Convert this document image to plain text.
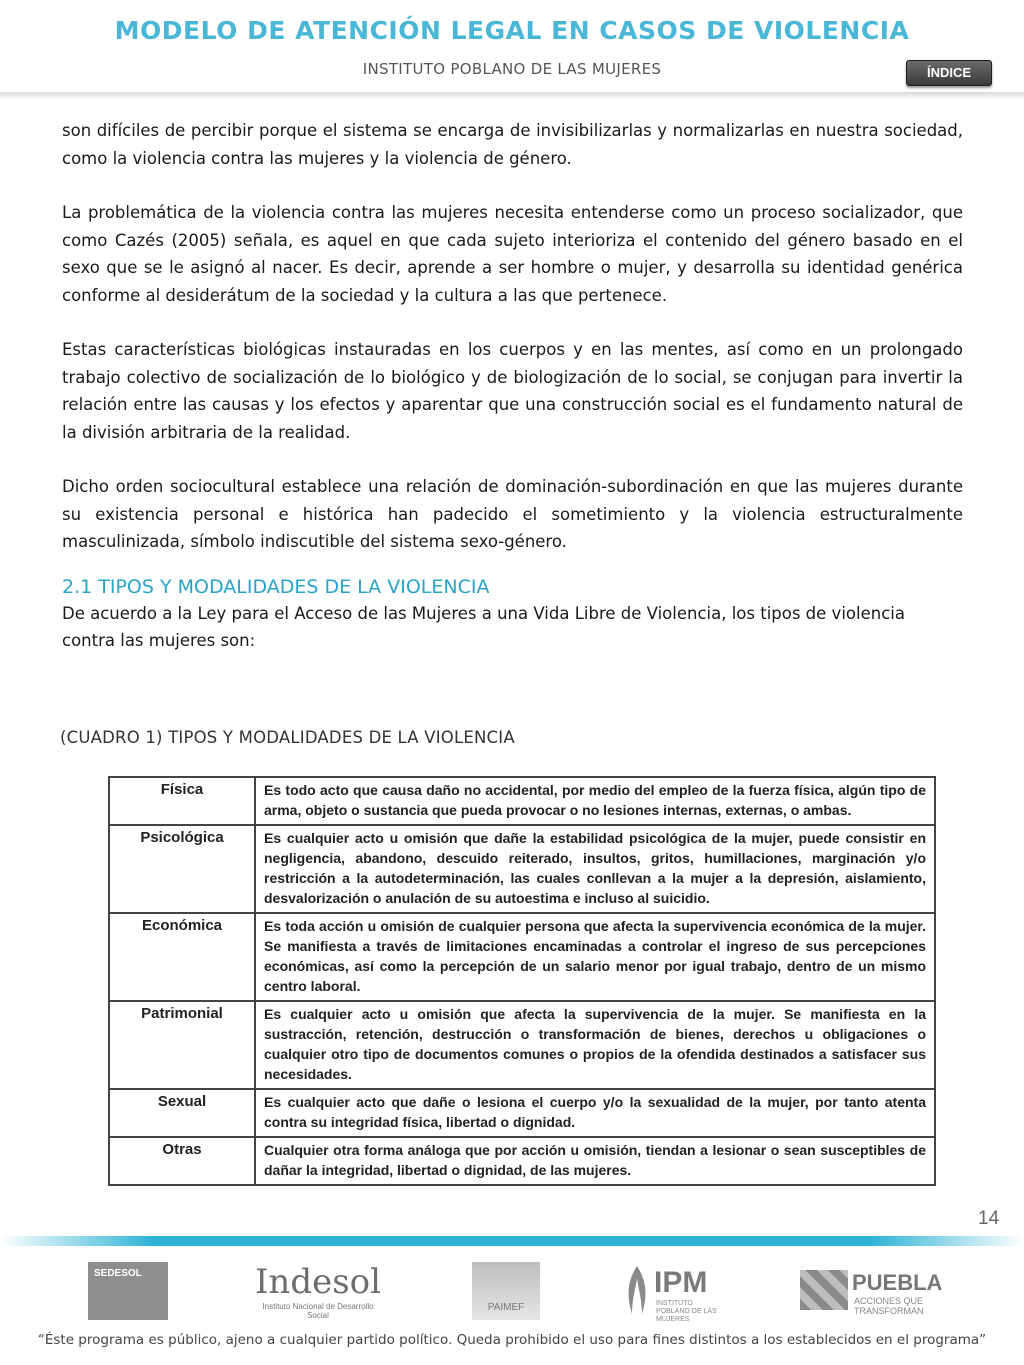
MODELO DE ATENCIÓN LEGAL EN CASOS DE VIOLENCIA
INSTITUTO POBLANO DE LAS MUJERES	ÍNDICE

son difíciles de percibir porque el sistema se encarga de invisibilizarlas y normalizarlas en nuestra sociedad, como la violencia contra las mujeres y la violencia de género.

La problemática de la violencia contra las mujeres necesita entenderse como un proceso socializador, que como Cazés (2005) señala, es aquel en que cada sujeto interioriza el contenido del género basado en el sexo que se le asignó al nacer. Es decir, aprende a ser hombre o mujer, y desarrolla su identidad genérica conforme al desiderátum de la sociedad y la cultura a las que pertenece.

Estas características biológicas instauradas en los cuerpos y en las mentes, así como en un prolongado trabajo colectivo de socialización de lo biológico y de biologización de lo social, se conjugan para invertir la relación entre las causas y los efectos y aparentar que una construcción social es el fundamento natural de la división arbitraria de la realidad.

Dicho orden sociocultural establece una relación de dominación-subordinación en que las mujeres durante su existencia personal e histórica han padecido el sometimiento y la violencia estructuralmente masculinizada, símbolo indiscutible del sistema sexo-género.

2.1 TIPOS Y MODALIDADES DE LA VIOLENCIA

De acuerdo a la Ley para el Acceso de las Mujeres a una Vida Libre de Violencia, los tipos de violencia contra las mujeres son:

(CUADRO 1) TIPOS Y MODALIDADES DE LA VIOLENCIA
Física	Es todo acto que causa daño no accidental, por medio del empleo de la fuerza física, algún tipo de arma, objeto o sustancia que pueda provocar o no lesiones internas, externas, o ambas.
Psicológica	Es cualquier acto u omisión que dañe la estabilidad psicológica de la mujer, puede consistir en negligencia, abandono, descuido reiterado, insultos, gritos, humillaciones, marginación y/o restricción a la autodeterminación, las cuales conllevan a la mujer a la depresión, aislamiento, desvalorización o anulación de su autoestima e incluso al suicidio.
Económica	Es toda acción u omisión de cualquier persona que afecta la supervivencia económica de la mujer. Se manifiesta a través de limitaciones encaminadas a controlar el ingreso de sus percepciones económicas, así como la percepción de un salario menor por igual trabajo, dentro de un mismo centro laboral.
Patrimonial	Es cualquier acto u omisión que afecta la supervivencia de la mujer. Se manifiesta en la sustracción, retención, destrucción o transformación de bienes, derechos u obligaciones o cualquier otro tipo de documentos comunes o propios de la ofendida destinados a satisfacer sus necesidades.
Sexual	Es cualquier acto que dañe o lesiona el cuerpo y/o la sexualidad de la mujer, por tanto atenta contra su integridad física, libertad o dignidad.
Otras	Cualquier otra forma análoga que por acción u omisión, tiendan a lesionar o sean susceptibles de dañar la integridad, libertad o dignidad, de las mujeres.
14
SEDESOL	Indesol
Instituto Nacional de Desarrollo Social
PAIMEF
IPM
INSTITUTO POBLANO DE LAS MUJERES
PUEBLA
ACCIONES QUE TRANSFORMAN
“Éste programa es público, ajeno a cualquier partido político. Queda prohibido el uso para fines distintos a los establecidos en el programa”
